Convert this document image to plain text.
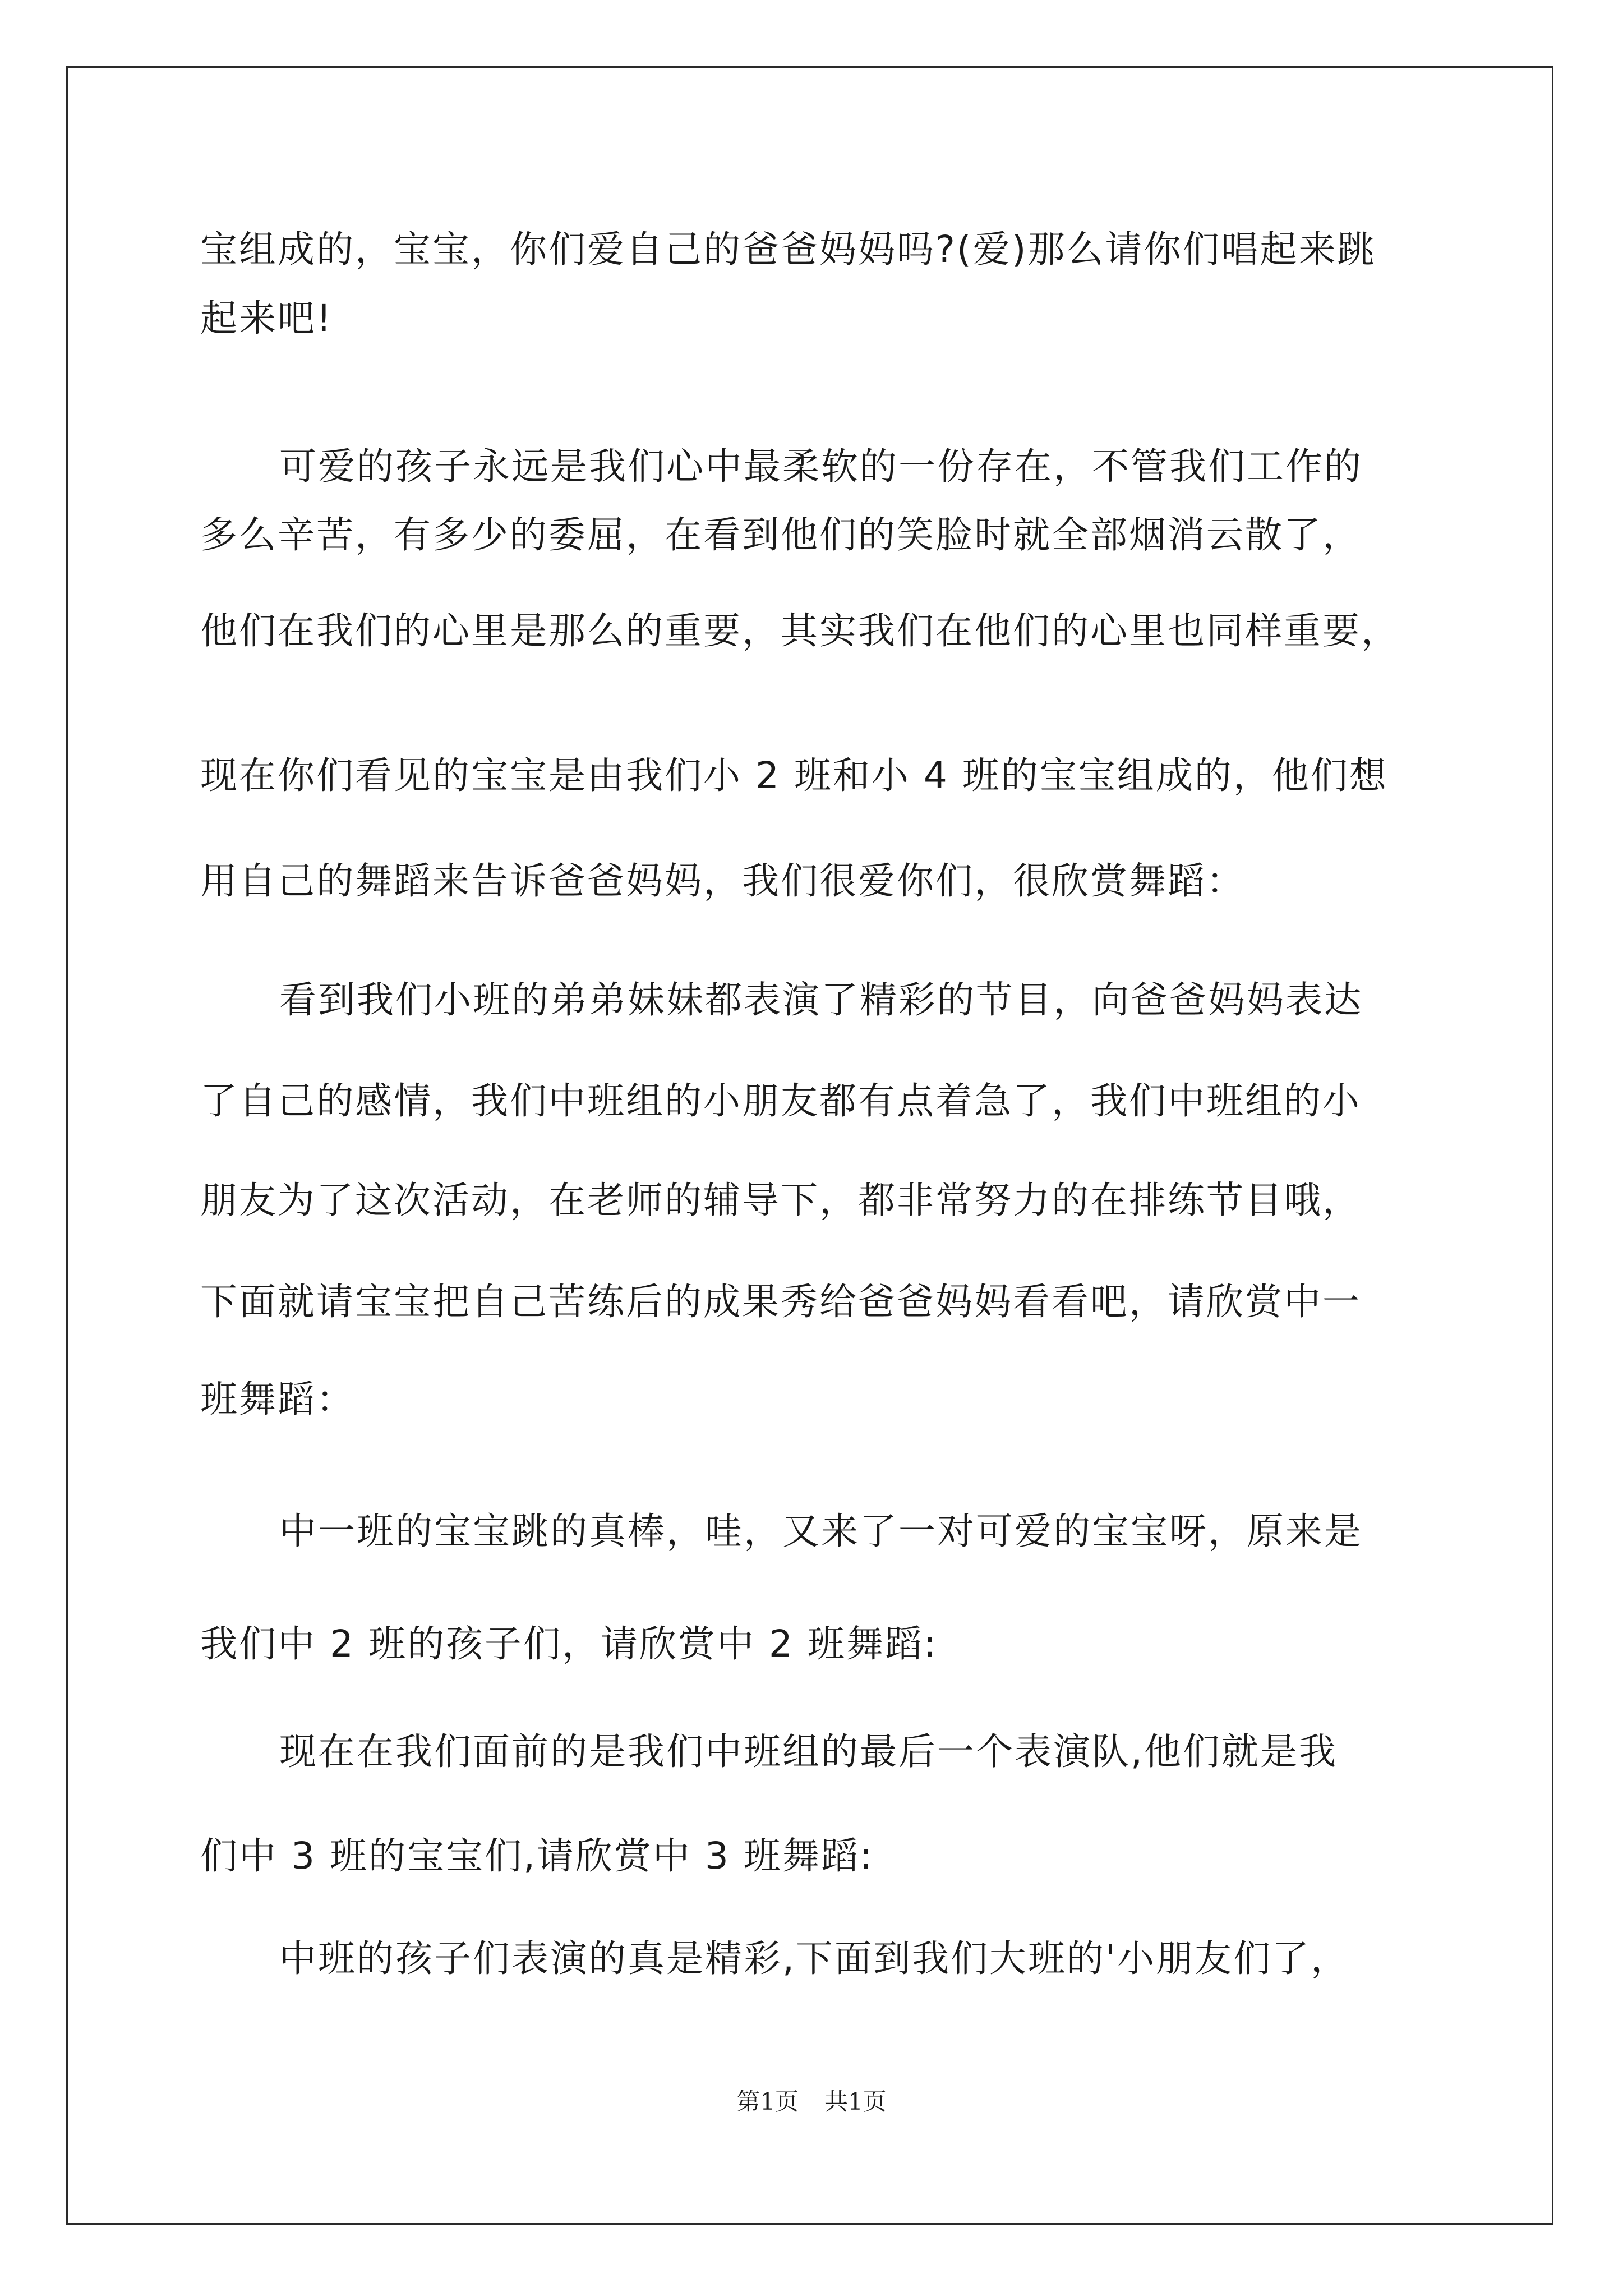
宝组成的，宝宝，你们爱自己的爸爸妈妈吗?(爱)那么请你们唱起来跳
起来吧!
可爱的孩子永远是我们心中最柔软的一份存在，不管我们工作的
多么辛苦，有多少的委屈，在看到他们的笑脸时就全部烟消云散了，
他们在我们的心里是那么的重要，其实我们在他们的心里也同样重要，
现在你们看见的宝宝是由我们小 2 班和小 4 班的宝宝组成的，他们想
用自己的舞蹈来告诉爸爸妈妈，我们很爱你们，很欣赏舞蹈：
看到我们小班的弟弟妹妹都表演了精彩的节目，向爸爸妈妈表达
了自己的感情，我们中班组的小朋友都有点着急了，我们中班组的小
朋友为了这次活动，在老师的辅导下，都非常努力的在排练节目哦，
下面就请宝宝把自己苦练后的成果秀给爸爸妈妈看看吧，请欣赏中一
班舞蹈：
中一班的宝宝跳的真棒，哇，又来了一对可爱的宝宝呀，原来是
我们中 2 班的孩子们，请欣赏中 2 班舞蹈:
现在在我们面前的是我们中班组的最后一个表演队,他们就是我
们中 3 班的宝宝们,请欣赏中 3 班舞蹈:
中班的孩子们表演的真是精彩,下面到我们大班的'小朋友们了，
第1页 共1页
